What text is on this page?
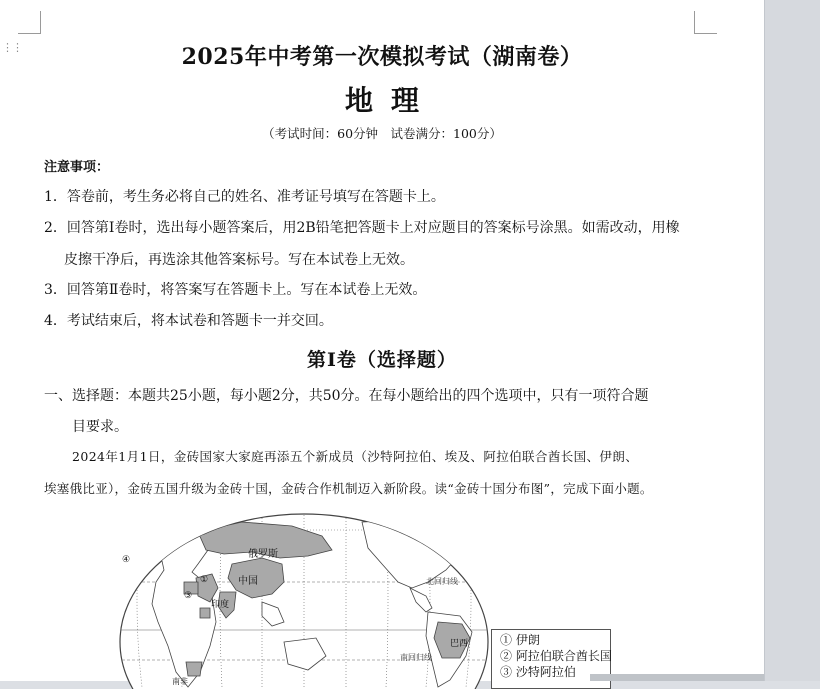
⋮⋮	2025年中考第一次模拟考试（湖南卷）
地理
（考试时间：60分钟　试卷满分：100分）
注意事项：
1．答卷前，考生务必将自己的姓名、准考证号填写在答题卡上。
2．回答第Ⅰ卷时，选出每小题答案后，用2B铅笔把答题卡上对应题目的答案标号涂黑。如需改动，用橡
皮擦干净后，再选涂其他答案标号。写在本试卷上无效。
3．回答第Ⅱ卷时，将答案写在答题卡上。写在本试卷上无效。
4．考试结束后，将本试卷和答题卡一并交回。
第Ⅰ卷（选择题）
一、选择题：本题共25小题，每小题2分，共50分。在每小题给出的四个选项中，只有一项符合题
目要求。
2024年1月1日，金砖国家大家庭再添五个新成员（沙特阿拉伯、埃及、阿拉伯联合酋长国、伊朗、
埃塞俄比亚），金砖五国升级为金砖十国，金砖合作机制迈入新阶段。读“金砖十国分布图”，完成下面小题。
俄罗斯
中国
印度
北回归线
南回归线
巴西
南非
①
③
④
① 伊朗
② 阿拉伯联合酋长国
③ 沙特阿拉伯
